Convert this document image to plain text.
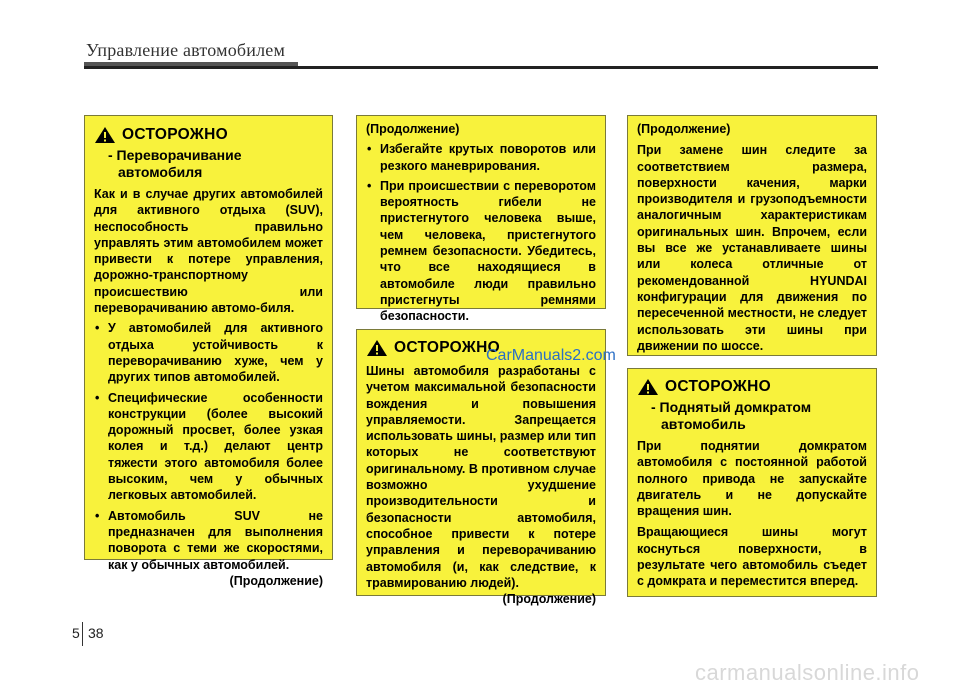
Управление автомобилем
ОСТОРОЖНО
- Переворачивание автомобиля
Как и в случае других автомобилей для активного отдыха (SUV), неспособность правильно управлять этим автомобилем может привести к потере управления, дорожно-транспортному происшествию или переворачиванию автомо-биля.
• У автомобилей для активного отдыха устойчивость к переворачиванию хуже, чем у других типов автомобилей.
• Специфические особенности конструкции (более высокий дорожный просвет, более узкая колея и т.д.) делают центр тяжести этого автомобиля более высоким, чем у обычных легковых автомобилей.
• Автомобиль SUV не предназначен для выполнения поворота с теми же скоростями, как у обычных автомобилей.
(Продолжение)
(Продолжение)
• Избегайте крутых поворотов или резкого маневрирования.
• При происшествии с переворотом вероятность гибели не пристегнутого человека выше, чем человека, пристегнутого ремнем безопасности. Убедитесь, что все находящиеся в автомобиле люди правильно пристегнуты ремнями безопасности.
ОСТОРОЖНО
Шины автомобиля разработаны с учетом максимальной безопасности вождения и повышения управляемости. Запрещается использовать шины, размер или тип которых не соответствуют оригинальному. В противном случае возможно ухудшение производительности и безопасности автомобиля, способное привести к потере управления и переворачиванию автомобиля (и, как следствие, к травмированию людей).
(Продолжение)
(Продолжение)
При замене шин следите за соответствием размера, поверхности качения, марки производителя и грузоподъемности аналогичным характеристикам оригинальных шин. Впрочем, если вы все же устанавливаете шины или колеса отличные от рекомендованной HYUNDAI конфигурации для движения по пересеченной местности, не следует использовать эти шины при движении по шоссе.
ОСТОРОЖНО
- Поднятый домкратом автомобиль
При поднятии домкратом автомобиля с постоянной работой полного привода не запускайте двигатель и не допускайте вращения шин.
Вращающиеся шины могут коснуться поверхности, в результате чего автомобиль съедет с домкрата и переместится вперед.
CarManuals2.com
5 38
carmanualsonline.info
